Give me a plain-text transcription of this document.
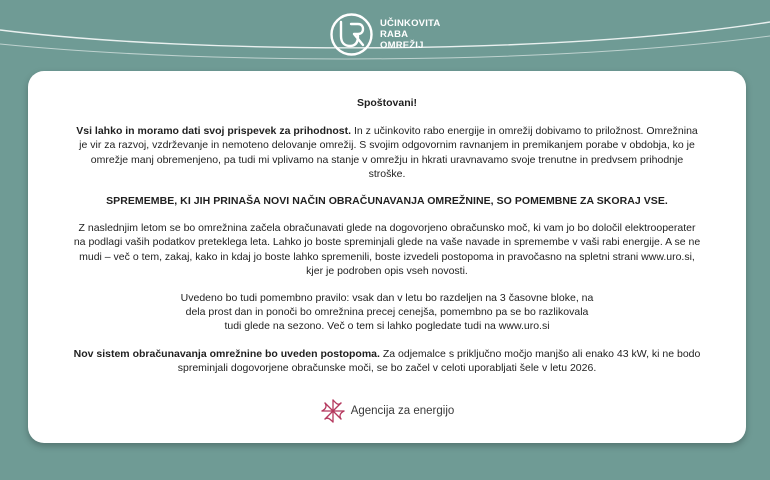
UČINKOVITA
RABA
OMREŽIJ

Spoštovani!

Vsi lahko in moramo dati svoj prispevek za prihodnost. In z učinkovito rabo energije in omrežij dobivamo to priložnost. Omrežnina je vir za razvoj, vzdrževanje in nemoteno delovanje omrežij. S svojim odgovornim ravnanjem in premikanjem porabe v obdobja, ko je omrežje manj obremenjeno, pa tudi mi vplivamo na stanje v omrežju in hkrati uravnavamo svoje trenutne in predvsem prihodnje stroške.

SPREMEMBE, KI JIH PRINAŠA NOVI NAČIN OBRAČUNAVANJA OMREŽNINE, SO POMEMBNE ZA SKORAJ VSE.

Z naslednjim letom se bo omrežnina začela obračunavati glede na dogovorjeno obračunsko moč, ki vam jo bo določil elektrooperater na podlagi vaših podatkov preteklega leta. Lahko jo boste spreminjali glede na vaše navade in spremembe v vaši rabi energije. A se ne mudi – več o tem, zakaj, kako in kdaj jo boste lahko spremenili, boste izvedeli postopoma in pravočasno na spletni strani www.uro.si, kjer je podroben opis vseh novosti.

Uvedeno bo tudi pomembno pravilo: vsak dan v letu bo razdeljen na 3 časovne bloke, na
dela prost dan in ponoči bo omrežnina precej cenejša, pomembno pa se bo razlikovala
tudi glede na sezono. Več o tem si lahko pogledate tudi na www.uro.si

Nov sistem obračunavanja omrežnine bo uveden postopoma. Za odjemalce s priključno močjo manjšo ali enako 43 kW, ki ne bodo spreminjali dogovorjene obračunske moči, se bo začel v celoti uporabljati šele v letu 2026.

Agencija za energijo
